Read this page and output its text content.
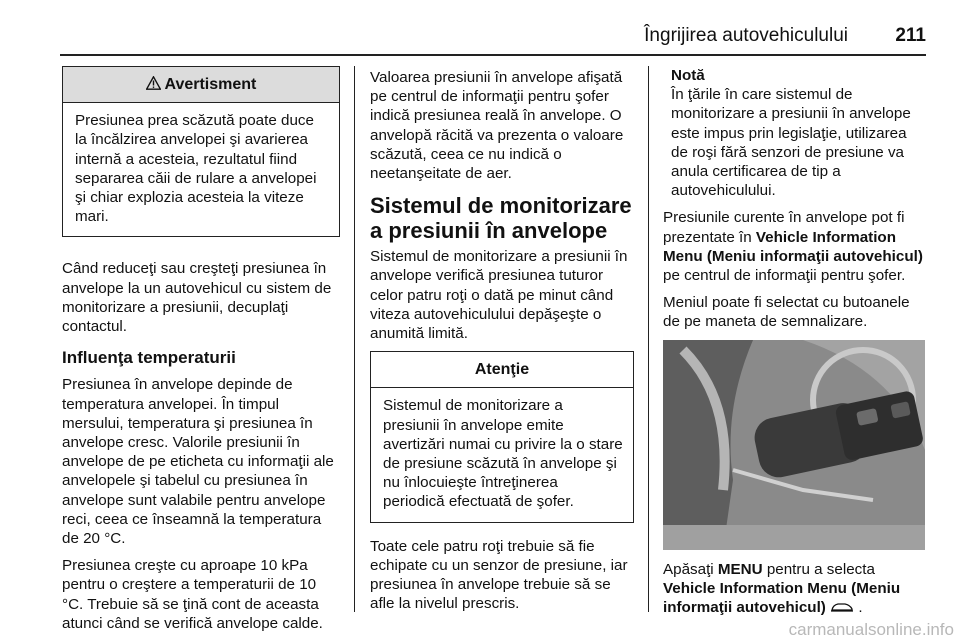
Îngrijirea autovehiculului 211
Avertisment
Presiunea prea scăzută poate duce la încălzirea anvelopei şi avarierea internă a acesteia, rezultatul fiind separarea căii de rulare a anvelopei şi chiar explozia acesteia la viteze mari.

Când reduceţi sau creşteţi presiunea în anvelope la un autovehicul cu sistem de monitorizare a presiunii, decuplaţi contactul.

Influenţa temperaturii

Presiunea în anvelope depinde de temperatura anvelopei. În timpul mersului, temperatura şi presiunea în anvelope cresc. Valorile presiunii în anvelope de pe eticheta cu informaţii ale anvelopele şi tabelul cu presiunea în anvelope sunt valabile pentru anvelope reci, ceea ce înseamnă la temperatura de 20 °C.

Presiunea creşte cu aproape 10 kPa pentru o creştere a temperaturii de 10 °C. Trebuie să se ţină cont de aceasta atunci când se verifică anvelope calde.

Valoarea presiunii în anvelope afişată pe centrul de informaţii pentru şofer indică presiunea reală în anvelope. O anvelopă răcită va prezenta o valoare scăzută, ceea ce nu indică o neetanşeitate de aer.

Sistemul de monitorizare a presiunii în anvelope

Sistemul de monitorizare a presiunii în anvelope verifică presiunea tuturor celor patru roţi o dată pe minut când viteza autovehiculului depăşeşte o anumită limită.

Atenţie
Sistemul de monitorizare a presiunii în anvelope emite avertizări numai cu privire la o stare de presiune scăzută în anvelope şi nu înlocuieşte întreţinerea periodică efectuată de şofer.

Toate cele patru roţi trebuie să fie echipate cu un senzor de presiune, iar presiunea în anvelope trebuie să se afle la nivelul prescris.

Notă
În ţările în care sistemul de monitorizare a presiunii în anvelope este impus prin legislaţie, utilizarea de roşi fără senzori de presiune va anula certificarea de tip a autovehiculului.

Presiunile curente în anvelope pot fi prezentate în Vehicle Information Menu (Meniu informaţii autovehicul) pe centrul de informaţii pentru şofer.

Meniul poate fi selectat cu butoanele de pe maneta de semnalizare.

Apăsaţi MENU pentru a selecta Vehicle Information Menu (Meniu informaţii autovehicul) .

carmanualsonline.info
